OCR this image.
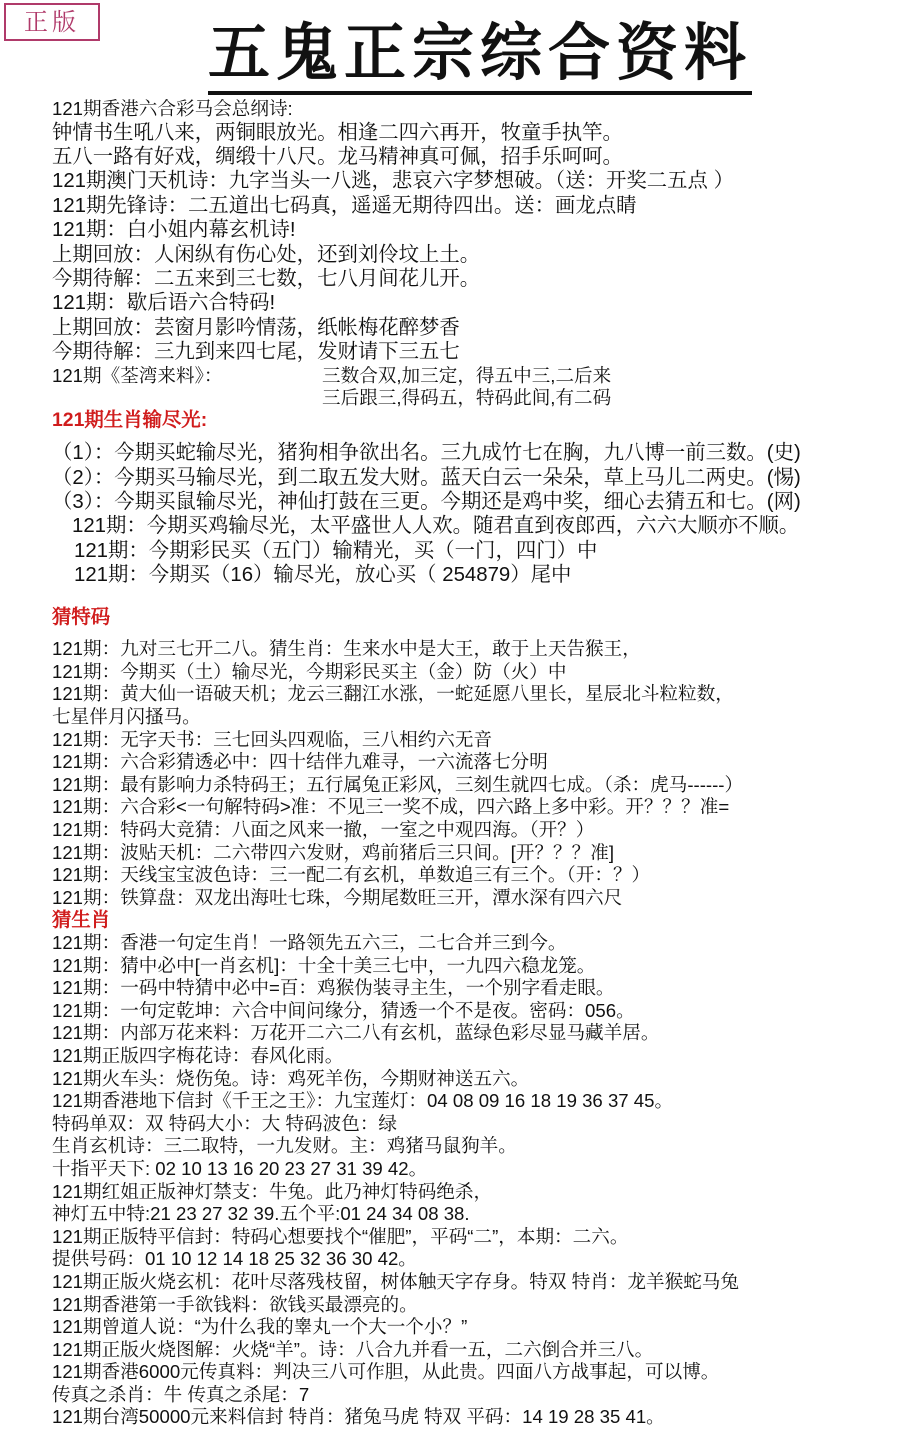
正版	五鬼正宗综合资料
121期香港六合彩马会总纲诗:
钟情书生吼八来，两铜眼放光。相逢二四六再开，牧童手执竿。
五八一路有好戏，绸缎十八尺。龙马精神真可佩，招手乐呵呵。
121期澳门天机诗：九字当头一八逃，悲哀六字梦想破。（送：开奖二五点 ）
121期先锋诗：二五道出七码真，遥遥无期待四出。送：画龙点睛
121期：白小姐内幕玄机诗!
上期回放：人闲纵有伤心处，还到刘伶坟上土。
今期待解：二五来到三七数，七八月间花儿开。
121期：歇后语六合特码!
上期回放：芸窗月影吟情荡，纸帐梅花醉梦香
今期待解：三九到来四七尾，发财请下三五七
121期《荃湾来料》：	三数合双,加三定，得五中三,二后来
三后跟三,得码五，特码此间,有二码
121期生肖输尽光:
（1）：今期买蛇输尽光，猪狗相争欲出名。三九成竹七在胸，九八博一前三数。(史)
（2）：今期买马输尽光，到二取五发大财。蓝天白云一朵朵，草上马儿二两史。(惕)
（3）：今期买鼠输尽光，神仙打鼓在三更。今期还是鸡中奖，细心去猜五和七。(网)
121期：今期买鸡输尽光，太平盛世人人欢。随君直到夜郎西，六六大顺亦不顺。
121期：今期彩民买（五门）输精光，买（一门，四门）中
121期：今期买（16）输尽光，放心买（ 254879）尾中
猜特码
121期：九对三七开二八。猜生肖：生来水中是大王，敢于上天告猴王，
121期：今期买（土）输尽光，今期彩民买主（金）防（火）中
121期：黄大仙一语破天机；龙云三翻江水涨，一蛇延愿八里长，星辰北斗粒粒数，
七星伴月闪搔马。
121期：无字天书：三七回头四观临，三八相约六无音
121期：六合彩猜透必中：四十结伴九难寻，一六流落七分明
121期：最有影响力杀特码王；五行属兔正彩风，三刻生就四七成。（杀：虎马------）
121期：六合彩<一句解特码>准：不见三一奖不成，四六路上多中彩。开？？？准=
121期：特码大竞猜：八面之风来一撤，一室之中观四海。（开？）
121期：波贴天机：二六带四六发财，鸡前猪后三只间。[开？？？准]
121期：天线宝宝波色诗：三一配二有玄机，单数追三有三个。（开：？）
121期：铁算盘：双龙出海吐七珠，今期尾数旺三开，潭水深有四六尺
猜生肖
121期：香港一句定生肖！一路领先五六三，二七合并三到今。
121期：猜中必中[一肖玄机]：十全十美三七中，一九四六稳龙笼。
121期：一码中特猜中必中=百：鸡猴伪装寻主生，一个别字看走眼。
121期：一句定乾坤：六合中间问缘分，猜透一个不是夜。密码：056。
121期：内部万花来料：万花开二六二八有玄机，蓝绿色彩尽显马藏羊居。
121期正版四字梅花诗：春风化雨。
121期火车头：烧伤兔。诗：鸡死羊伤，今期财神送五六。
121期香港地下信封《千王之王》：九宝莲灯：04 08 09 16 18 19 36 37 45。
特码单双：双 特码大小：大 特码波色：绿
生肖玄机诗：三二取特，一九发财。主：鸡猪马鼠狗羊。
十指平天下: 02 10 13 16 20 23 27 31 39 42。
121期红姐正版神灯禁支：牛兔。此乃神灯特码绝杀，
神灯五中特:21 23 27 32 39.五个平:01 24 34 08 38.
121期正版特平信封：特码心想要找个“催肥”，平码“二”，本期：二六。
提供号码：01 10 12 14 18 25 32 36 30 42。
121期正版火烧玄机：花叶尽落残枝留，树体触天字存身。特双 特肖：龙羊猴蛇马兔
121期香港第一手欲钱料：欲钱买最漂亮的。
121期曾道人说：“为什么我的睾丸一个大一个小？”
121期正版火烧图解：火烧“羊”。诗：八合九并看一五，二六倒合并三八。
121期香港6000元传真料：判决三八可作胆，从此贵。四面八方战事起，可以博。
传真之杀肖：牛 传真之杀尾：7
121期台湾50000元来料信封 特肖：猪兔马虎 特双 平码：14 19 28 35 41。
